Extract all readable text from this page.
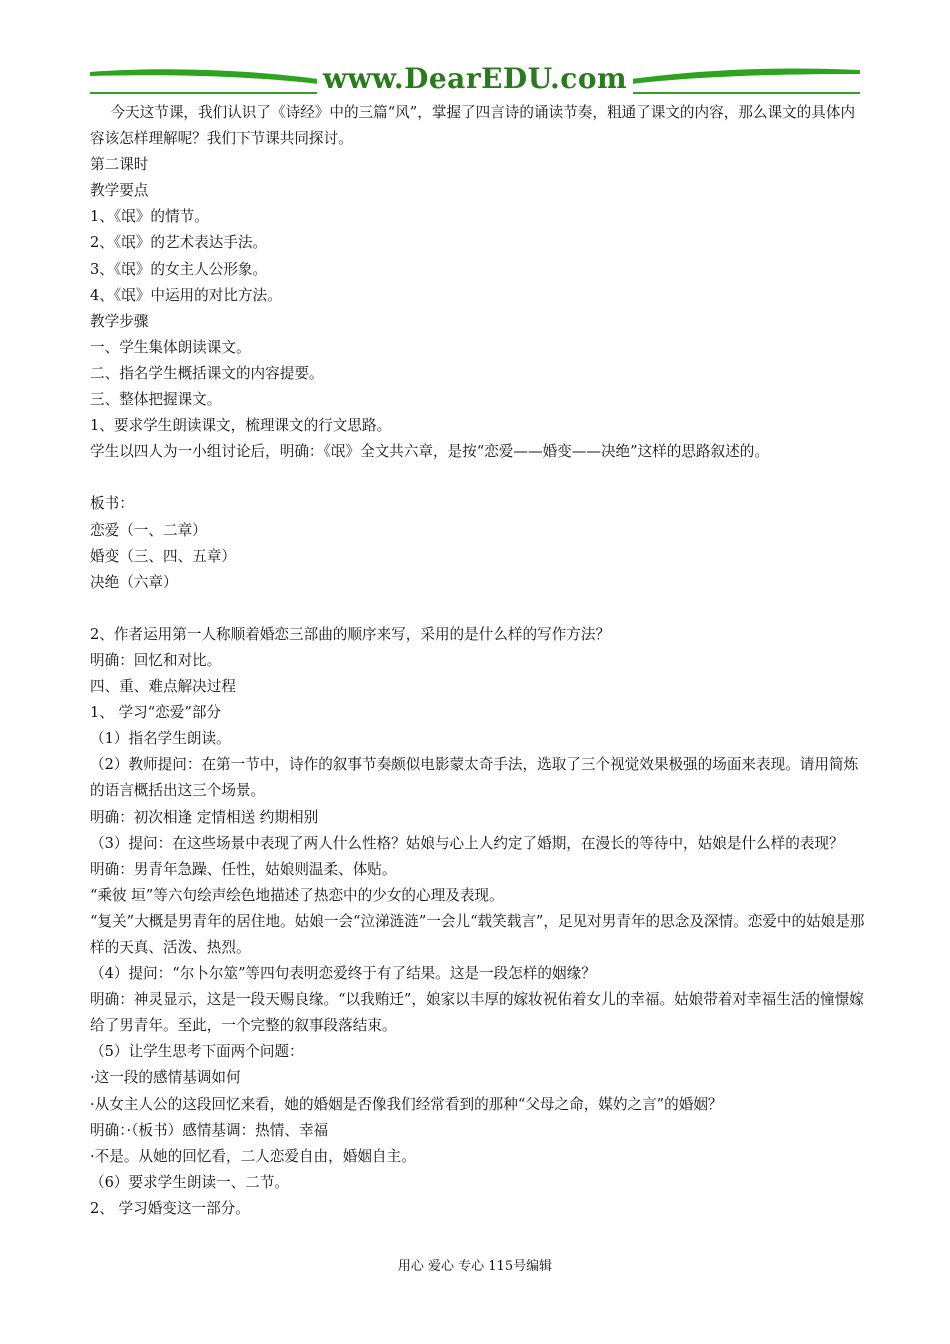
www.DearEDU.com

今天这节课，我们认识了《诗经》中的三篇“风”，掌握了四言诗的诵读节奏，粗通了课文的内容，那么课文的具体内容该怎样理解呢？我们下节课共同探讨。

第二课时

教学要点

1、《氓》的情节。

2、《氓》的艺术表达手法。

3、《氓》的女主人公形象。

4、《氓》中运用的对比方法。

教学步骤

一、学生集体朗读课文。

二、指名学生概括课文的内容提要。

三、整体把握课文。

1、要求学生朗读课文，梳理课文的行文思路。

学生以四人为一小组讨论后，明确：《氓》全文共六章，是按“恋爱——婚变——决绝”这样的思路叙述的。

板书：

恋爱（一、二章）

婚变（三、四、五章）

决绝（六章）

2、作者运用第一人称顺着婚恋三部曲的顺序来写，采用的是什么样的写作方法？

明确：回忆和对比。

四、重、难点解决过程

1、 学习“恋爱”部分

（1）指名学生朗读。

（2）教师提问：在第一节中，诗作的叙事节奏颇似电影蒙太奇手法，选取了三个视觉效果极强的场面来表现。请用简炼的语言概括出这三个场景。

明确：初次相逢 定情相送 约期相别

（3）提问：在这些场景中表现了两人什么性格？姑娘与心上人约定了婚期，在漫长的等待中，姑娘是什么样的表现？

明确：男青年急躁、任性，姑娘则温柔、体贴。

“乘彼 垣”等六句绘声绘色地描述了热恋中的少女的心理及表现。

“复关”大概是男青年的居住地。姑娘一会“泣涕涟涟”一会儿“载笑载言”，足见对男青年的思念及深情。恋爱中的姑娘是那样的天真、活泼、热烈。

（4）提问：“尔卜尔筮”等四句表明恋爱终于有了结果。这是一段怎样的姻缘？

明确：神灵显示，这是一段天赐良缘。“以我贿迁”，娘家以丰厚的嫁妆祝佑着女儿的幸福。姑娘带着对幸福生活的憧憬嫁给了男青年。至此，一个完整的叙事段落结束。

（5）让学生思考下面两个问题：

·这一段的感情基调如何

·从女主人公的这段回忆来看，她的婚姻是否像我们经常看到的那种“父母之命，媒妁之言”的婚姻？

明确：·（板书）感情基调：热情、幸福

·不是。从她的回忆看，二人恋爱自由，婚姻自主。

（6）要求学生朗读一、二节。

2、 学习婚变这一部分。

用心 爱心 专心 115号编辑
